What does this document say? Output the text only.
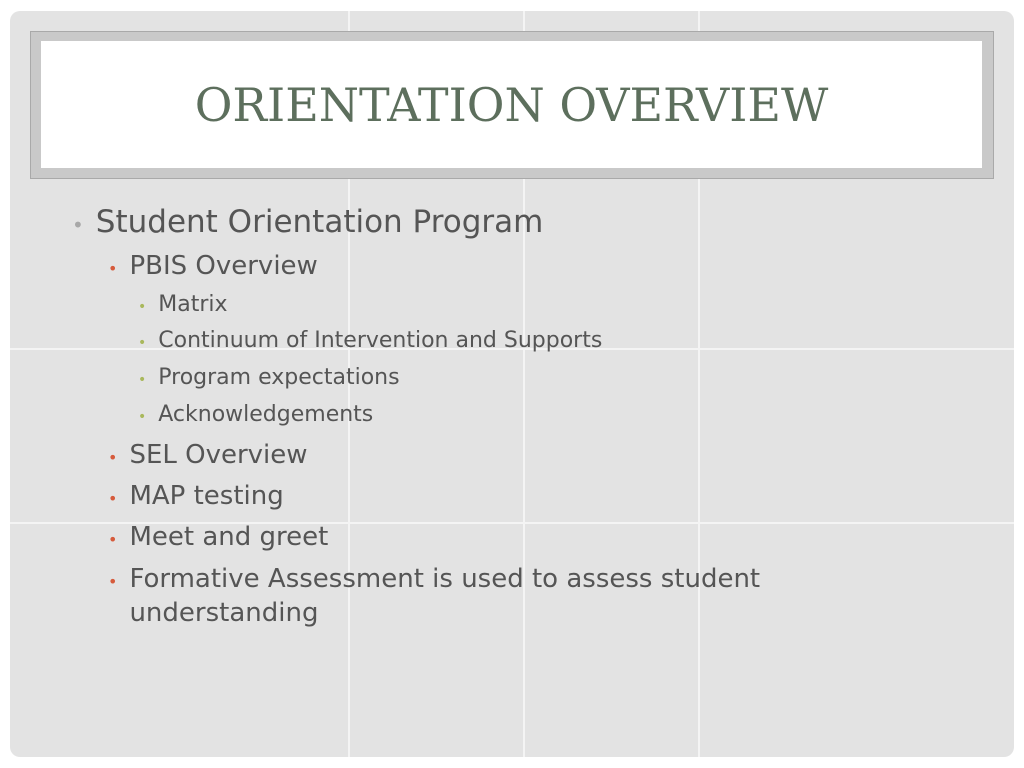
ORIENTATION OVERVIEW
• Student Orientation Program
• PBIS Overview
• Matrix
• Continuum of Intervention and Supports
• Program expectations
• Acknowledgements
• SEL Overview
• MAP testing
• Meet and greet
• Formative Assessment is used to assess student understanding
